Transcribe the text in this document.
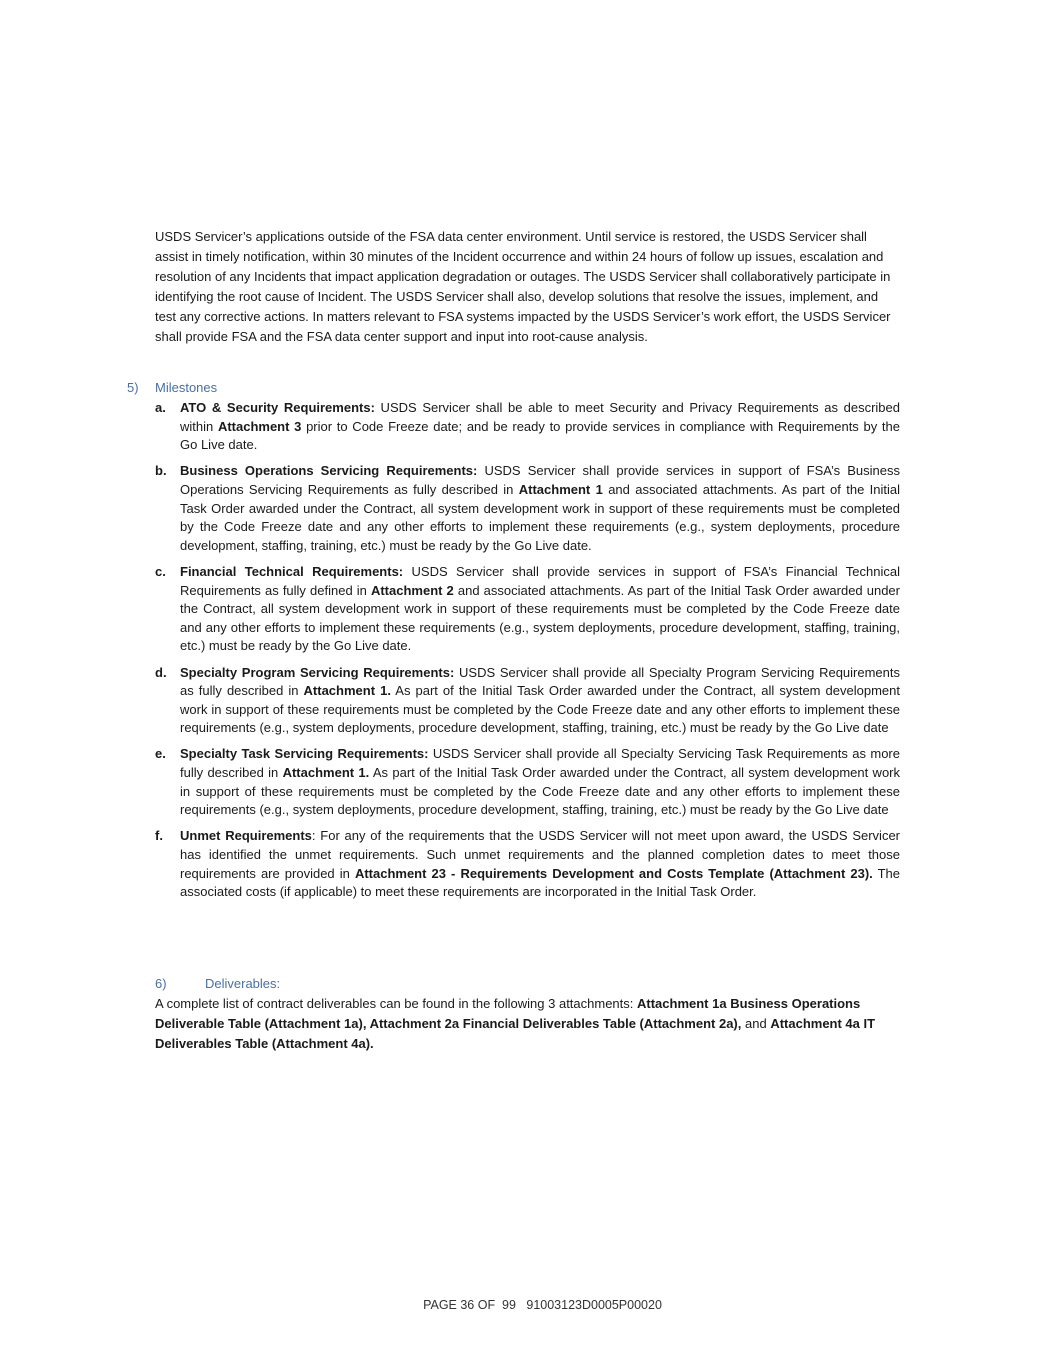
USDS Servicer’s applications outside of the FSA data center environment. Until service is restored, the USDS Servicer shall assist in timely notification, within 30 minutes of the Incident occurrence and within 24 hours of follow up issues, escalation and resolution of any Incidents that impact application degradation or outages. The USDS Servicer shall collaboratively participate in identifying the root cause of Incident. The USDS Servicer shall also, develop solutions that resolve the issues, implement, and test any corrective actions. In matters relevant to FSA systems impacted by the USDS Servicer’s work effort, the USDS Servicer shall provide FSA and the FSA data center support and input into root-cause analysis.

5) Milestones
a.	ATO & Security Requirements: USDS Servicer shall be able to meet Security and Privacy Requirements as described within Attachment 3 prior to Code Freeze date; and be ready to provide services in compliance with Requirements by the Go Live date.
b.	Business Operations Servicing Requirements: USDS Servicer shall provide services in support of FSA’s Business Operations Servicing Requirements as fully described in Attachment 1 and associated attachments. As part of the Initial Task Order awarded under the Contract, all system development work in support of these requirements must be completed by the Code Freeze date and any other efforts to implement these requirements (e.g., system deployments, procedure development, staffing, training, etc.) must be ready by the Go Live date.
c.	Financial Technical Requirements: USDS Servicer shall provide services in support of FSA’s Financial Technical Requirements as fully defined in Attachment 2 and associated attachments. As part of the Initial Task Order awarded under the Contract, all system development work in support of these requirements must be completed by the Code Freeze date and any other efforts to implement these requirements (e.g., system deployments, procedure development, staffing, training, etc.) must be ready by the Go Live date.
d.	Specialty Program Servicing Requirements: USDS Servicer shall provide all Specialty Program Servicing Requirements as fully described in Attachment 1. As part of the Initial Task Order awarded under the Contract, all system development work in support of these requirements must be completed by the Code Freeze date and any other efforts to implement these requirements (e.g., system deployments, procedure development, staffing, training, etc.) must be ready by the Go Live date
e.	Specialty Task Servicing Requirements: USDS Servicer shall provide all Specialty Servicing Task Requirements as more fully described in Attachment 1. As part of the Initial Task Order awarded under the Contract, all system development work in support of these requirements must be completed by the Code Freeze date and any other efforts to implement these requirements (e.g., system deployments, procedure development, staffing, training, etc.) must be ready by the Go Live date
f.	Unmet Requirements: For any of the requirements that the USDS Servicer will not meet upon award, the USDS Servicer has identified the unmet requirements. Such unmet requirements and the planned completion dates to meet those requirements are provided in Attachment 23 - Requirements Development and Costs Template (Attachment 23). The associated costs (if applicable) to meet these requirements are incorporated in the Initial Task Order.
6)	Deliverables:

A complete list of contract deliverables can be found in the following 3 attachments: Attachment 1a Business Operations Deliverable Table (Attachment 1a), Attachment 2a Financial Deliverables Table (Attachment 2a), and Attachment 4a IT Deliverables Table (Attachment 4a).

PAGE 36 OF  99   91003123D0005P00020
